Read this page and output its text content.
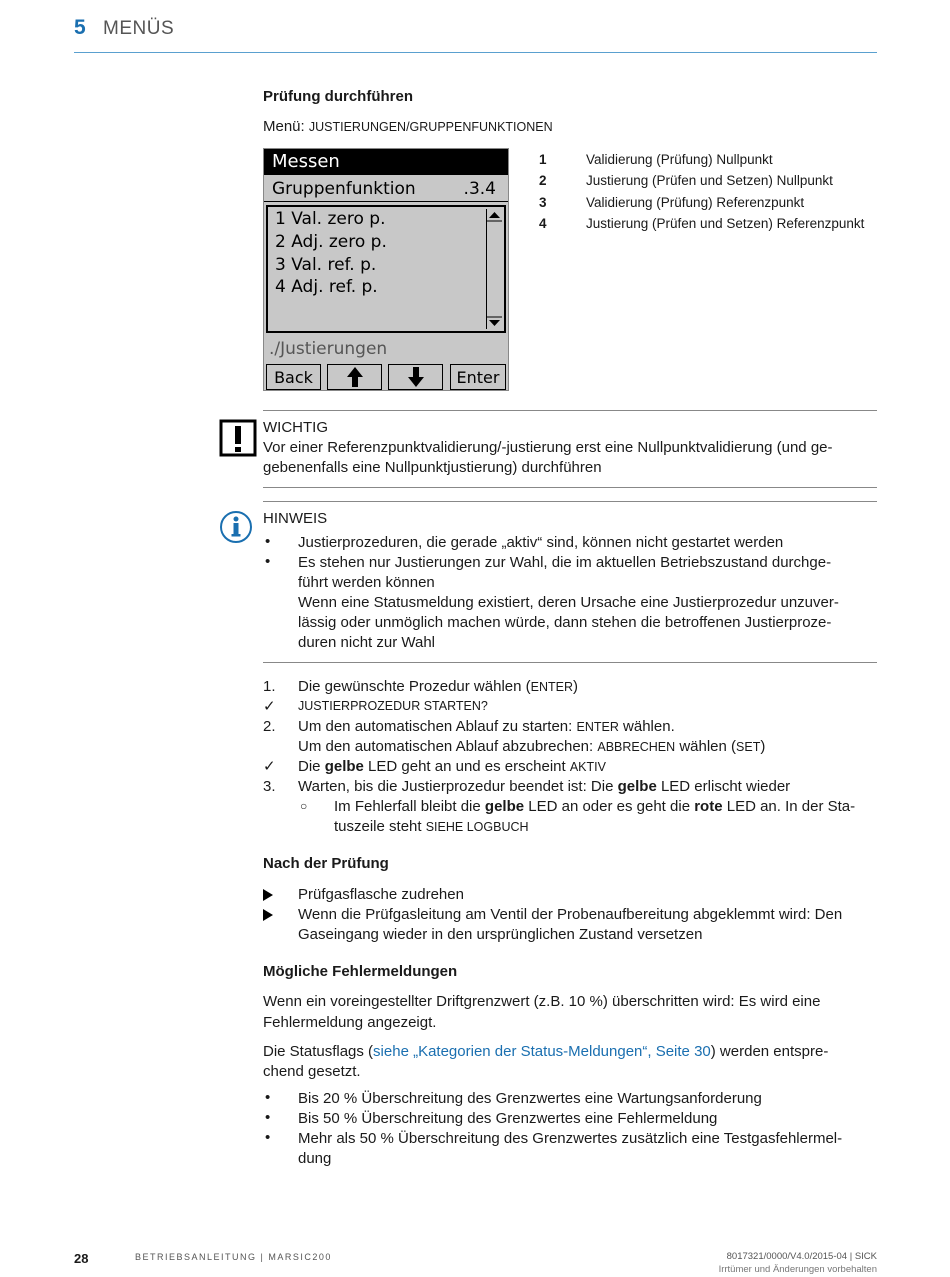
5 MENÜS
Prüfung durchführen
Menü: JUSTIERUNGEN/GRUPPENFUNKTIONEN
Messen
Gruppenfunktion	.3.4
1 Val. zero p.
2 Adj. zero p.
3 Val. ref. p.
4 Adj. ref. p.
./Justierungen
Back	Enter
1	Validierung (Prüfung) Nullpunkt
2	Justierung (Prüfen und Setzen) Nullpunkt
3	Validierung (Prüfung) Referenzpunkt
4	Justierung (Prüfen und Setzen) Referenzpunkt
WICHTIG
Vor einer Referenzpunktvalidierung/-justierung erst eine Nullpunktvalidierung (und ge-
gebenenfalls eine Nullpunktjustierung) durchführen
HINWEIS
• Justierprozeduren, die gerade „aktiv“ sind, können nicht gestartet werden
• Es stehen nur Justierungen zur Wahl, die im aktuellen Betriebszustand durchge-
führt werden können
Wenn eine Statusmeldung existiert, deren Ursache eine Justierprozedur unzuver-
lässig oder unmöglich machen würde, dann stehen die betroffenen Justierproze-
duren nicht zur Wahl
1. Die gewünschte Prozedur wählen (ENTER)
✓ JUSTIERPROZEDUR STARTEN?
2. Um den automatischen Ablauf zu starten: ENTER wählen.
Um den automatischen Ablauf abzubrechen: ABBRECHEN wählen (SET)
✓ Die gelbe LED geht an und es erscheint AKTIV
3. Warten, bis die Justierprozedur beendet ist: Die gelbe LED erlischt wieder
○ Im Fehlerfall bleibt die gelbe LED an oder es geht die rote LED an. In der Sta-
tuszeile steht SIEHE LOGBUCH
Nach der Prüfung
Prüfgasflasche zudrehen
Wenn die Prüfgasleitung am Ventil der Probenaufbereitung abgeklemmt wird: Den
Gaseingang wieder in den ursprünglichen Zustand versetzen
Mögliche Fehlermeldungen
Wenn ein voreingestellter Driftgrenzwert (z.B. 10 %) überschritten wird: Es wird eine
Fehlermeldung angezeigt.
Die Statusflags (siehe „Kategorien der Status-Meldungen“, Seite 30) werden entspre-
chend gesetzt.
• Bis 20 % Überschreitung des Grenzwertes eine Wartungsanforderung
• Bis 50 % Überschreitung des Grenzwertes eine Fehlermeldung
• Mehr als 50 % Überschreitung des Grenzwertes zusätzlich eine Testgasfehlermel-
dung
28	BETRIEBSANLEITUNG | MARSIC200	8017321/0000/V4.0/2015-04 | SICK
Irrtümer und Änderungen vorbehalten
